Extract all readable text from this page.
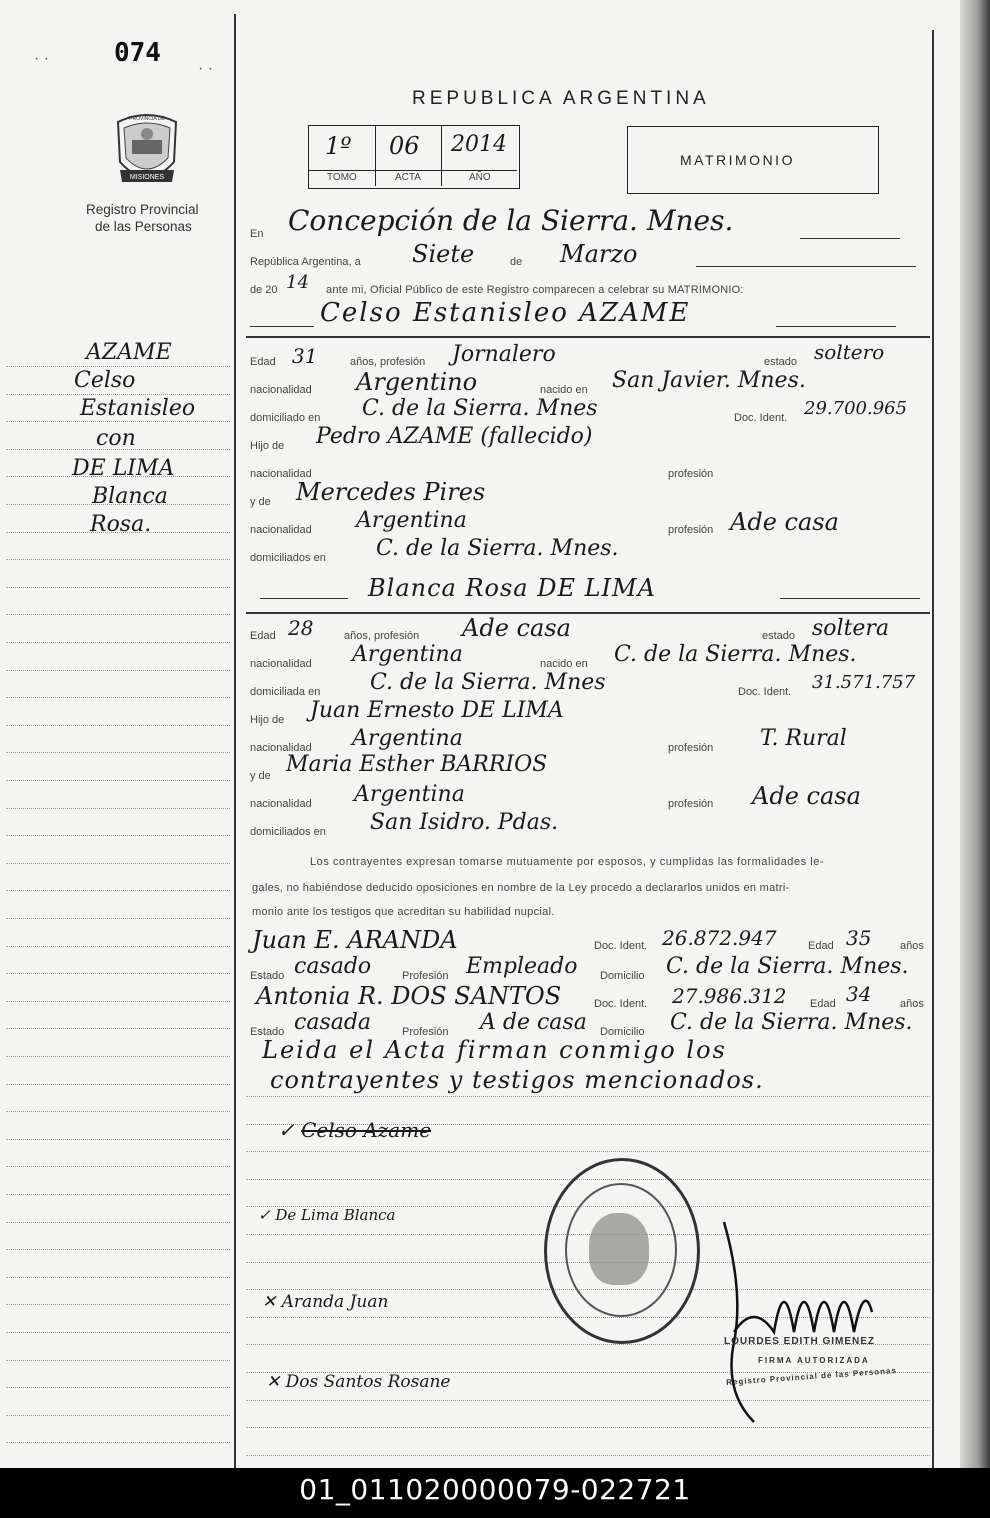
074
· ·
· ·
MISIONES
PROVINCIA DE
Registro Provincial
de las Personas
REPUBLICA ARGENTINA
1º
TOMO
06
ACTA
2014
AÑO
MATRIMONIO
En Concepción de la Sierra. Mnes.
República Argentina, a Siete	de Marzo
de 20 14 ante mi, Oficial Público de este Registro comparecen a celebrar su MATRIMONIO:
Celso Estanisleo AZAME
AZAME
Celso
Estanisleo
con
DE LIMA
Blanca
Rosa.
Edad 31	años, profesión Jornalero	estado soltero
nacionalidad Argentino	nacido en San Javier. Mnes.
domiciliado en C. de la Sierra. Mnes	Doc. Ident. 29.700.965
Hijo de Pedro AZAME (fallecido)
nacionalidad	profesión
y de Mercedes Pires
nacionalidad Argentina	profesión Ade casa
domiciliados en C. de la Sierra. Mnes.
Blanca Rosa DE LIMA
Edad 28	años, profesión Ade casa	estado soltera
nacionalidad Argentina	nacido en C. de la Sierra. Mnes.
domiciliada en C. de la Sierra. Mnes	Doc. Ident. 31.571.757
Hijo de Juan Ernesto DE LIMA
nacionalidad Argentina	profesión T. Rural
y de Maria Esther BARRIOS
nacionalidad Argentina	profesión Ade casa
domiciliados en San Isidro. Pdas.
Los contrayentes expresan tomarse mutuamente por esposos, y cumplidas las formalidades le-
gales, no habiéndose deducido oposiciones en nombre de la Ley procedo a declararlos unidos en matri-
monio ante los testigos que acreditan su habilidad nupcial.
Juan E. ARANDA	Doc. Ident. 26.872.947	Edad 35	años
Estado casado	Profesión Empleado Domicilio C. de la Sierra. Mnes.
Antonia R. DOS SANTOS	Doc. Ident. 27.986.312 Edad 34	años
Estado casada	Profesión A de casa Domicilio C. de la Sierra. Mnes.
Leida el Acta firman conmigo los
contrayentes y testigos mencionados.
✓ Celso Azame
✓ De Lima Blanca
✕ Aranda Juan
✕ Dos Santos Rosane
LOURDES EDITH GIMENEZ
FIRMA AUTORIZADA
Registro Provincial de las Personas
01_011020000079-022721
